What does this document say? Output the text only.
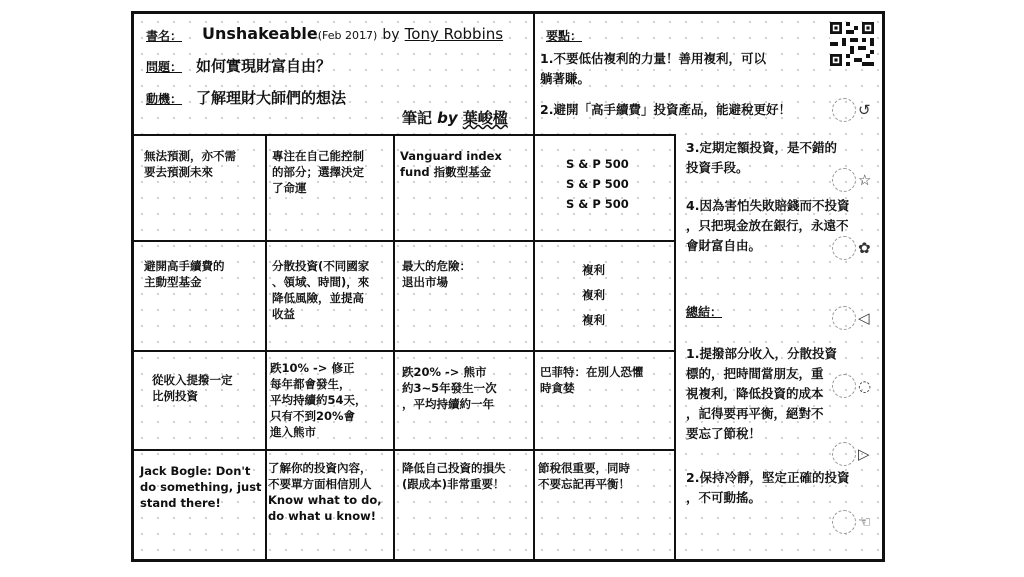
書名： Unshakeable(Feb 2017) by Tony Robbins
問題： 如何實現財富自由？
動機： 了解理財大師們的想法
筆記 by 葉峻楹
無法預測，亦不需
要去預測未來
專注在自己能控制
的部分；選擇決定
了命運
Vanguard index
fund 指數型基金
S & P 500
S & P 500
S & P 500
避開高手續費的
主動型基金
分散投資(不同國家
、領域、時間)，來
降低風險，並提高
收益
最大的危險：
退出市場
複利
複利
複利
從收入提撥一定
比例投資
跌10% -> 修正
每年都會發生，
平均持續約54天，
只有不到20%會
進入熊市
跌20% -> 熊市
約3~5年發生一次
，平均持續約一年
巴菲特：在別人恐懼
時貪婪
Jack Bogle: Don't
do something, just
stand there!
了解你的投資內容，
不要單方面相信別人
Know what to do,
do what u know!
降低自己投資的損失
(跟成本)非常重要！
節稅很重要，同時
不要忘記再平衡！
要點：
1.不要低估複利的力量！善用複利，可以
躺著賺。
2.避開「高手續費」投資產品，能避稅更好！
3.定期定額投資，是不錯的
投資手段。
4.因為害怕失敗賠錢而不投資
，只把現金放在銀行，永遠不
會財富自由。
總結：
1.提撥部分收入，分散投資
標的，把時間當朋友，重
視複利，降低投資的成本
，記得要再平衡，絕對不
要忘了節稅！
2.保持冷靜，堅定正確的投資
，不可動搖。
↺
☆
✿
◁
◌
▷
☜
